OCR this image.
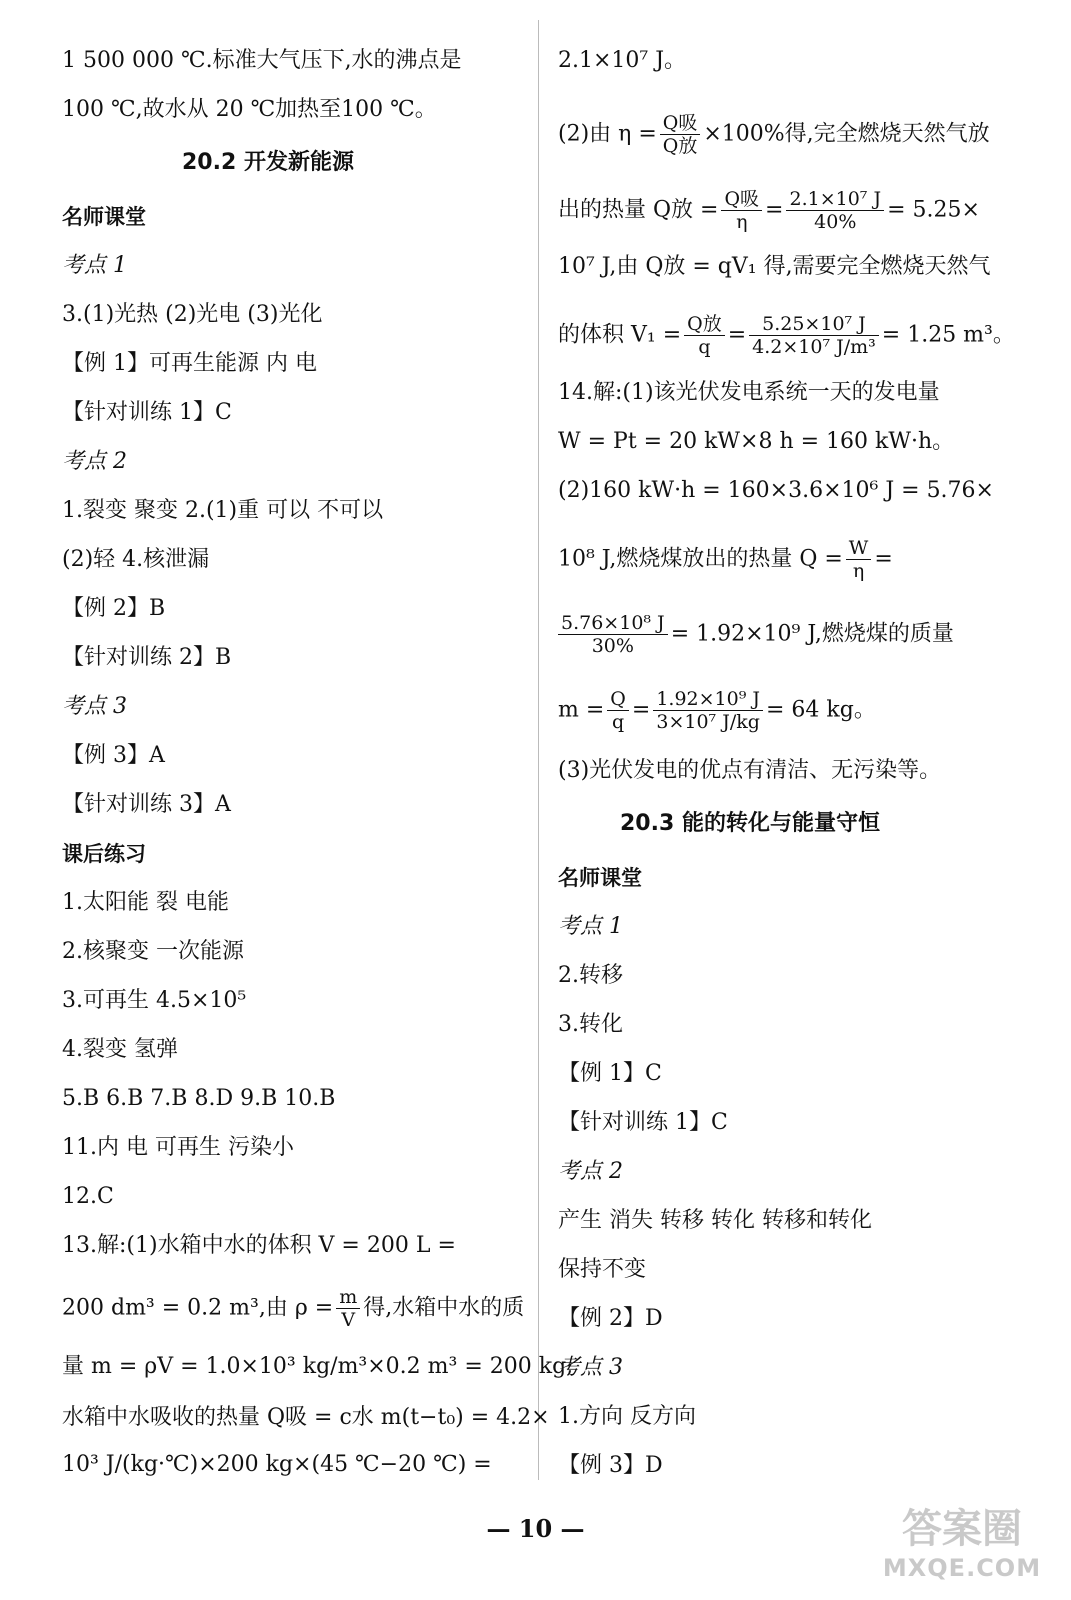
1 500 000 ℃.标准大气压下,水的沸点是
100 ℃,故水从 20 ℃加热至100 ℃。
20.2 开发新能源
名师课堂
考点 1
3.(1)光热 (2)光电 (3)光化
【例 1】可再生能源 内 电
【针对训练 1】C
考点 2
1.裂变 聚变 2.(1)重 可以 不可以
(2)轻 4.核泄漏
【例 2】B
【针对训练 2】B
考点 3
【例 3】A
【针对训练 3】A
课后练习
1.太阳能 裂 电能
2.核聚变 一次能源
3.可再生 4.5×10⁵
4.裂变 氢弹
5.B 6.B 7.B 8.D 9.B 10.B
11.内 电 可再生 污染小
12.C
13.解:(1)水箱中水的体积 V = 200 L =
200 dm³ = 0.2 m³,由 $\rho = \frac{m}{V}$ 得,水箱中水的质
量 m = ρV = 1.0×10³ kg/m³×0.2 m³ = 200 kg;
水箱中水吸收的热量 Q吸 = c水 m(t−t₀) = 4.2×
10³ J/(kg·℃)×200 kg×(45 ℃−20 ℃) =
2.1×10⁷ J。
(2)由 $\eta = \frac{\text{Q吸}}{\text{Q放}} \times 100\%$得,完全燃烧天然气放
出的热量 Q放 = $\frac{\text{Q吸}}{\eta} = \frac{\text{2.1×10⁷ J}}{40\%} = 5.25\times$
10⁷ J,由 Q放 = qV₁ 得,需要完全燃烧天然气
的体积 $V_1 = \frac{\text{Q放}}{q} = \frac{\text{5.25×10⁷ J}}{\text{4.2×10⁷ J/m³}} = 1.25$ m³。
14.解:(1)该光伏发电系统一天的发电量
W = Pt = 20 kW×8 h = 160 kW·h。
(2)160 kW·h = 160×3.6×10⁶ J = 5.76×
10⁸ J,燃烧煤放出的热量 $Q = \frac{W}{\eta}$ =
$\frac{\text{5.76×10⁸ J}}{30\%} = 1.92\times 10^9$ J,燃烧煤的质量
$m = \frac{Q}{q} = \frac{\text{1.92×10⁹ J}}{\text{3×10⁷ J/kg}} = 64$ kg。
(3)光伏发电的优点有清洁、无污染等。
20.3 能的转化与能量守恒
名师课堂
考点 1
2.转移
3.转化
【例 1】C
【针对训练 1】C
考点 2
产生 消失 转移 转化 转移和转化
保持不变
【例 2】D
考点 3
1.方向 反方向
【例 3】D
— 10 —	答案圈
MXQE.COM
